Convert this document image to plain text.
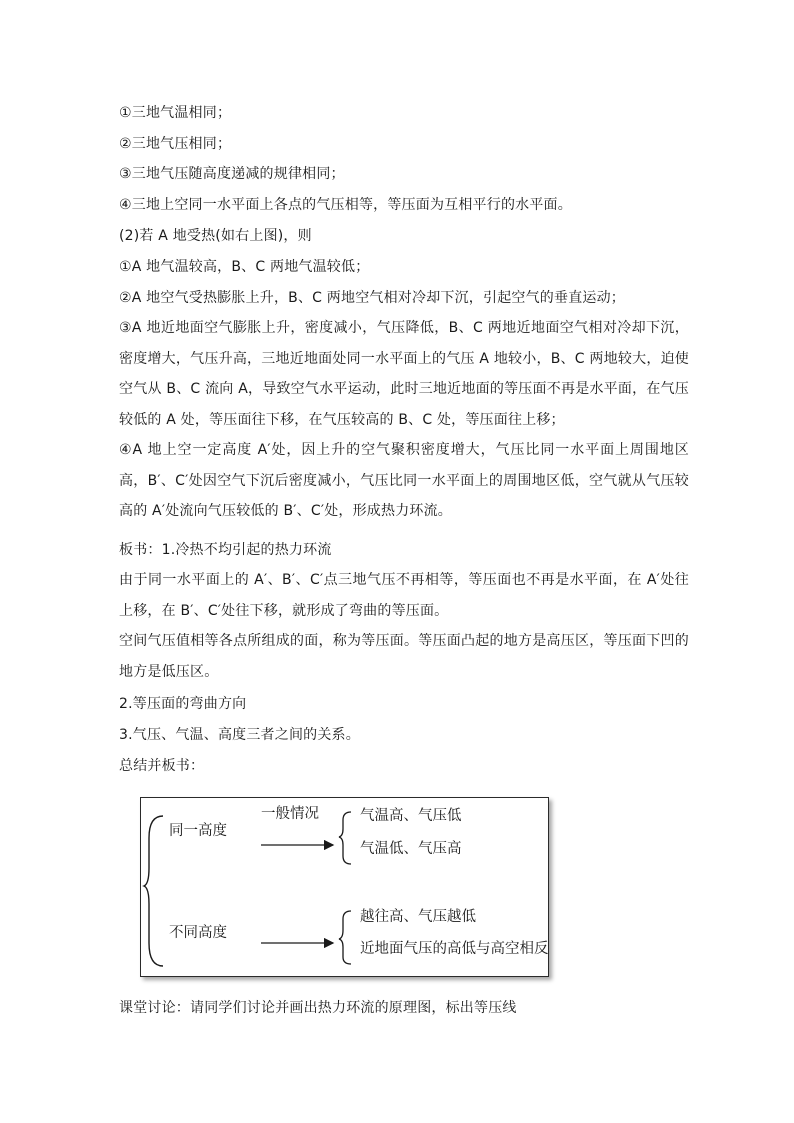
①三地气温相同；
②三地气压相同；
③三地气压随高度递减的规律相同；
④三地上空同一水平面上各点的气压相等，等压面为互相平行的水平面。
(2)若 A 地受热(如右上图)，则
①A 地气温较高，B、C 两地气温较低；
②A 地空气受热膨胀上升，B、C 两地空气相对冷却下沉，引起空气的垂直运动；
③A 地近地面空气膨胀上升，密度减小，气压降低，B、C 两地近地面空气相对冷却下沉，密度增大，气压升高，三地近地面处同一水平面上的气压 A 地较小，B、C 两地较大，迫使空气从 B、C 流向 A，导致空气水平运动，此时三地近地面的等压面不再是水平面，在气压较低的 A 处，等压面往下移，在气压较高的 B、C 处，等压面往上移；
④A 地上空一定高度 A′处，因上升的空气聚积密度增大，气压比同一水平面上周围地区高，B′、C′处因空气下沉后密度减小，气压比同一水平面上的周围地区低，空气就从气压较高的 A′处流向气压较低的 B′、C′处，形成热力环流。
板书：1.冷热不均引起的热力环流
由于同一水平面上的 A′、B′、C′点三地气压不再相等，等压面也不再是水平面，在 A′处往上移，在 B′、C′处往下移，就形成了弯曲的等压面。
空间气压值相等各点所组成的面，称为等压面。等压面凸起的地方是高压区，等压面下凹的地方是低压区。
2.等压面的弯曲方向
3.气压、气温、高度三者之间的关系。
总结并板书：
同一高度
一般情况	气温高、气压低
气温低、气压高
不同高度
越往高、气压越低
近地面气压的高低与高空相反
课堂讨论：请同学们讨论并画出热力环流的原理图，标出等压线
